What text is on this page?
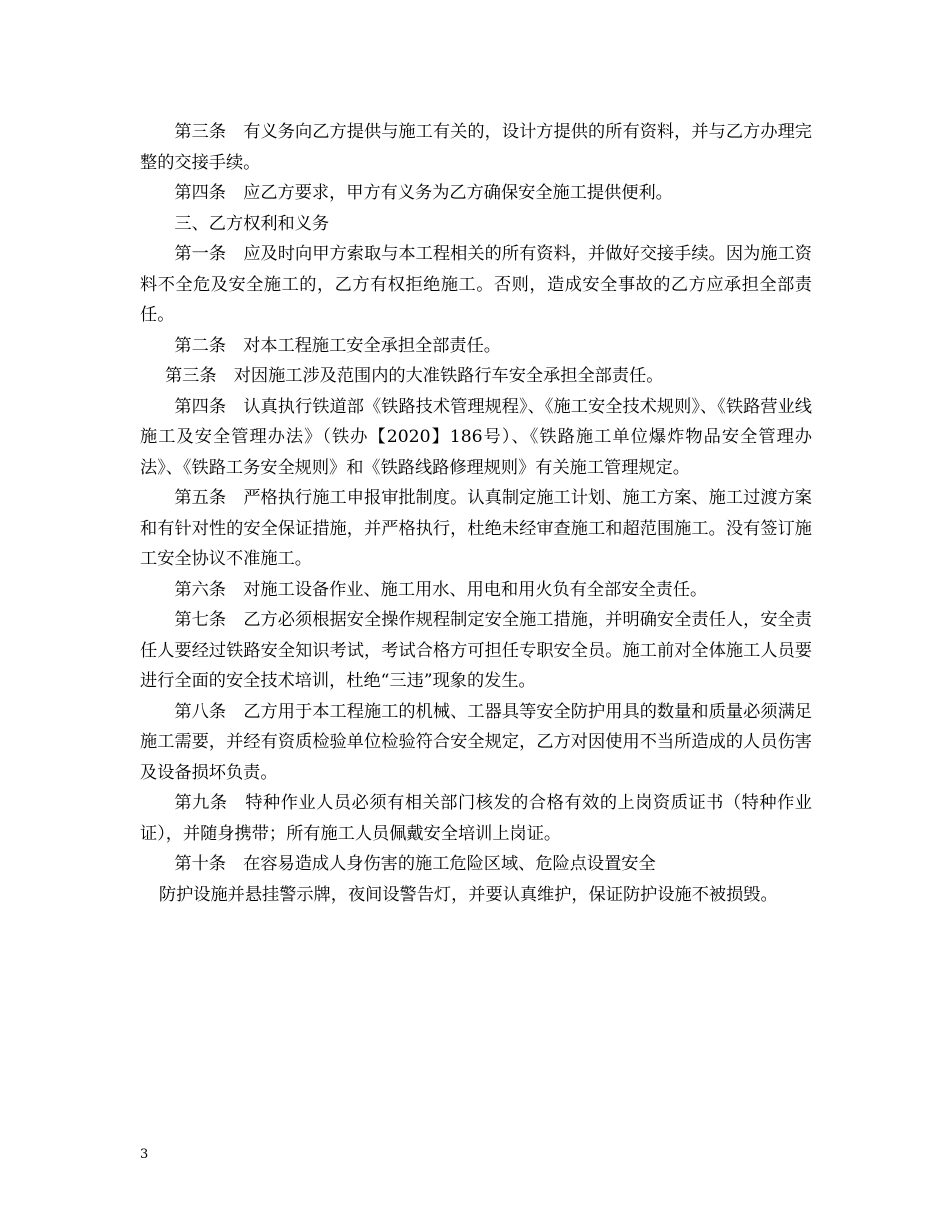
第三条　有义务向乙方提供与施工有关的，设计方提供的所有资料，并与乙方办理完整的交接手续。

第四条　应乙方要求，甲方有义务为乙方确保安全施工提供便利。

三、乙方权利和义务

第一条　应及时向甲方索取与本工程相关的所有资料，并做好交接手续。因为施工资料不全危及安全施工的，乙方有权拒绝施工。否则，造成安全事故的乙方应承担全部责任。

第二条　对本工程施工安全承担全部责任。

第三条　对因施工涉及范围内的大准铁路行车安全承担全部责任。

第四条　认真执行铁道部《铁路技术管理规程》、《施工安全技术规则》、《铁路营业线施工及安全管理办法》（铁办【2020】186号）、《铁路施工单位爆炸物品安全管理办法》、《铁路工务安全规则》和《铁路线路修理规则》有关施工管理规定。

第五条　严格执行施工申报审批制度。认真制定施工计划、施工方案、施工过渡方案和有针对性的安全保证措施，并严格执行，杜绝未经审查施工和超范围施工。没有签订施工安全协议不准施工。

第六条　对施工设备作业、施工用水、用电和用火负有全部安全责任。

第七条　乙方必须根据安全操作规程制定安全施工措施，并明确安全责任人，安全责任人要经过铁路安全知识考试，考试合格方可担任专职安全员。施工前对全体施工人员要进行全面的安全技术培训，杜绝“三违”现象的发生。

第八条　乙方用于本工程施工的机械、工器具等安全防护用具的数量和质量必须满足施工需要，并经有资质检验单位检验符合安全规定，乙方对因使用不当所造成的人员伤害及设备损坏负责。

第九条　特种作业人员必须有相关部门核发的合格有效的上岗资质证书（特种作业证），并随身携带；所有施工人员佩戴安全培训上岗证。

第十条　在容易造成人身伤害的施工危险区域、危险点设置安全

防护设施并悬挂警示牌，夜间设警告灯，并要认真维护，保证防护设施不被损毁。

3
